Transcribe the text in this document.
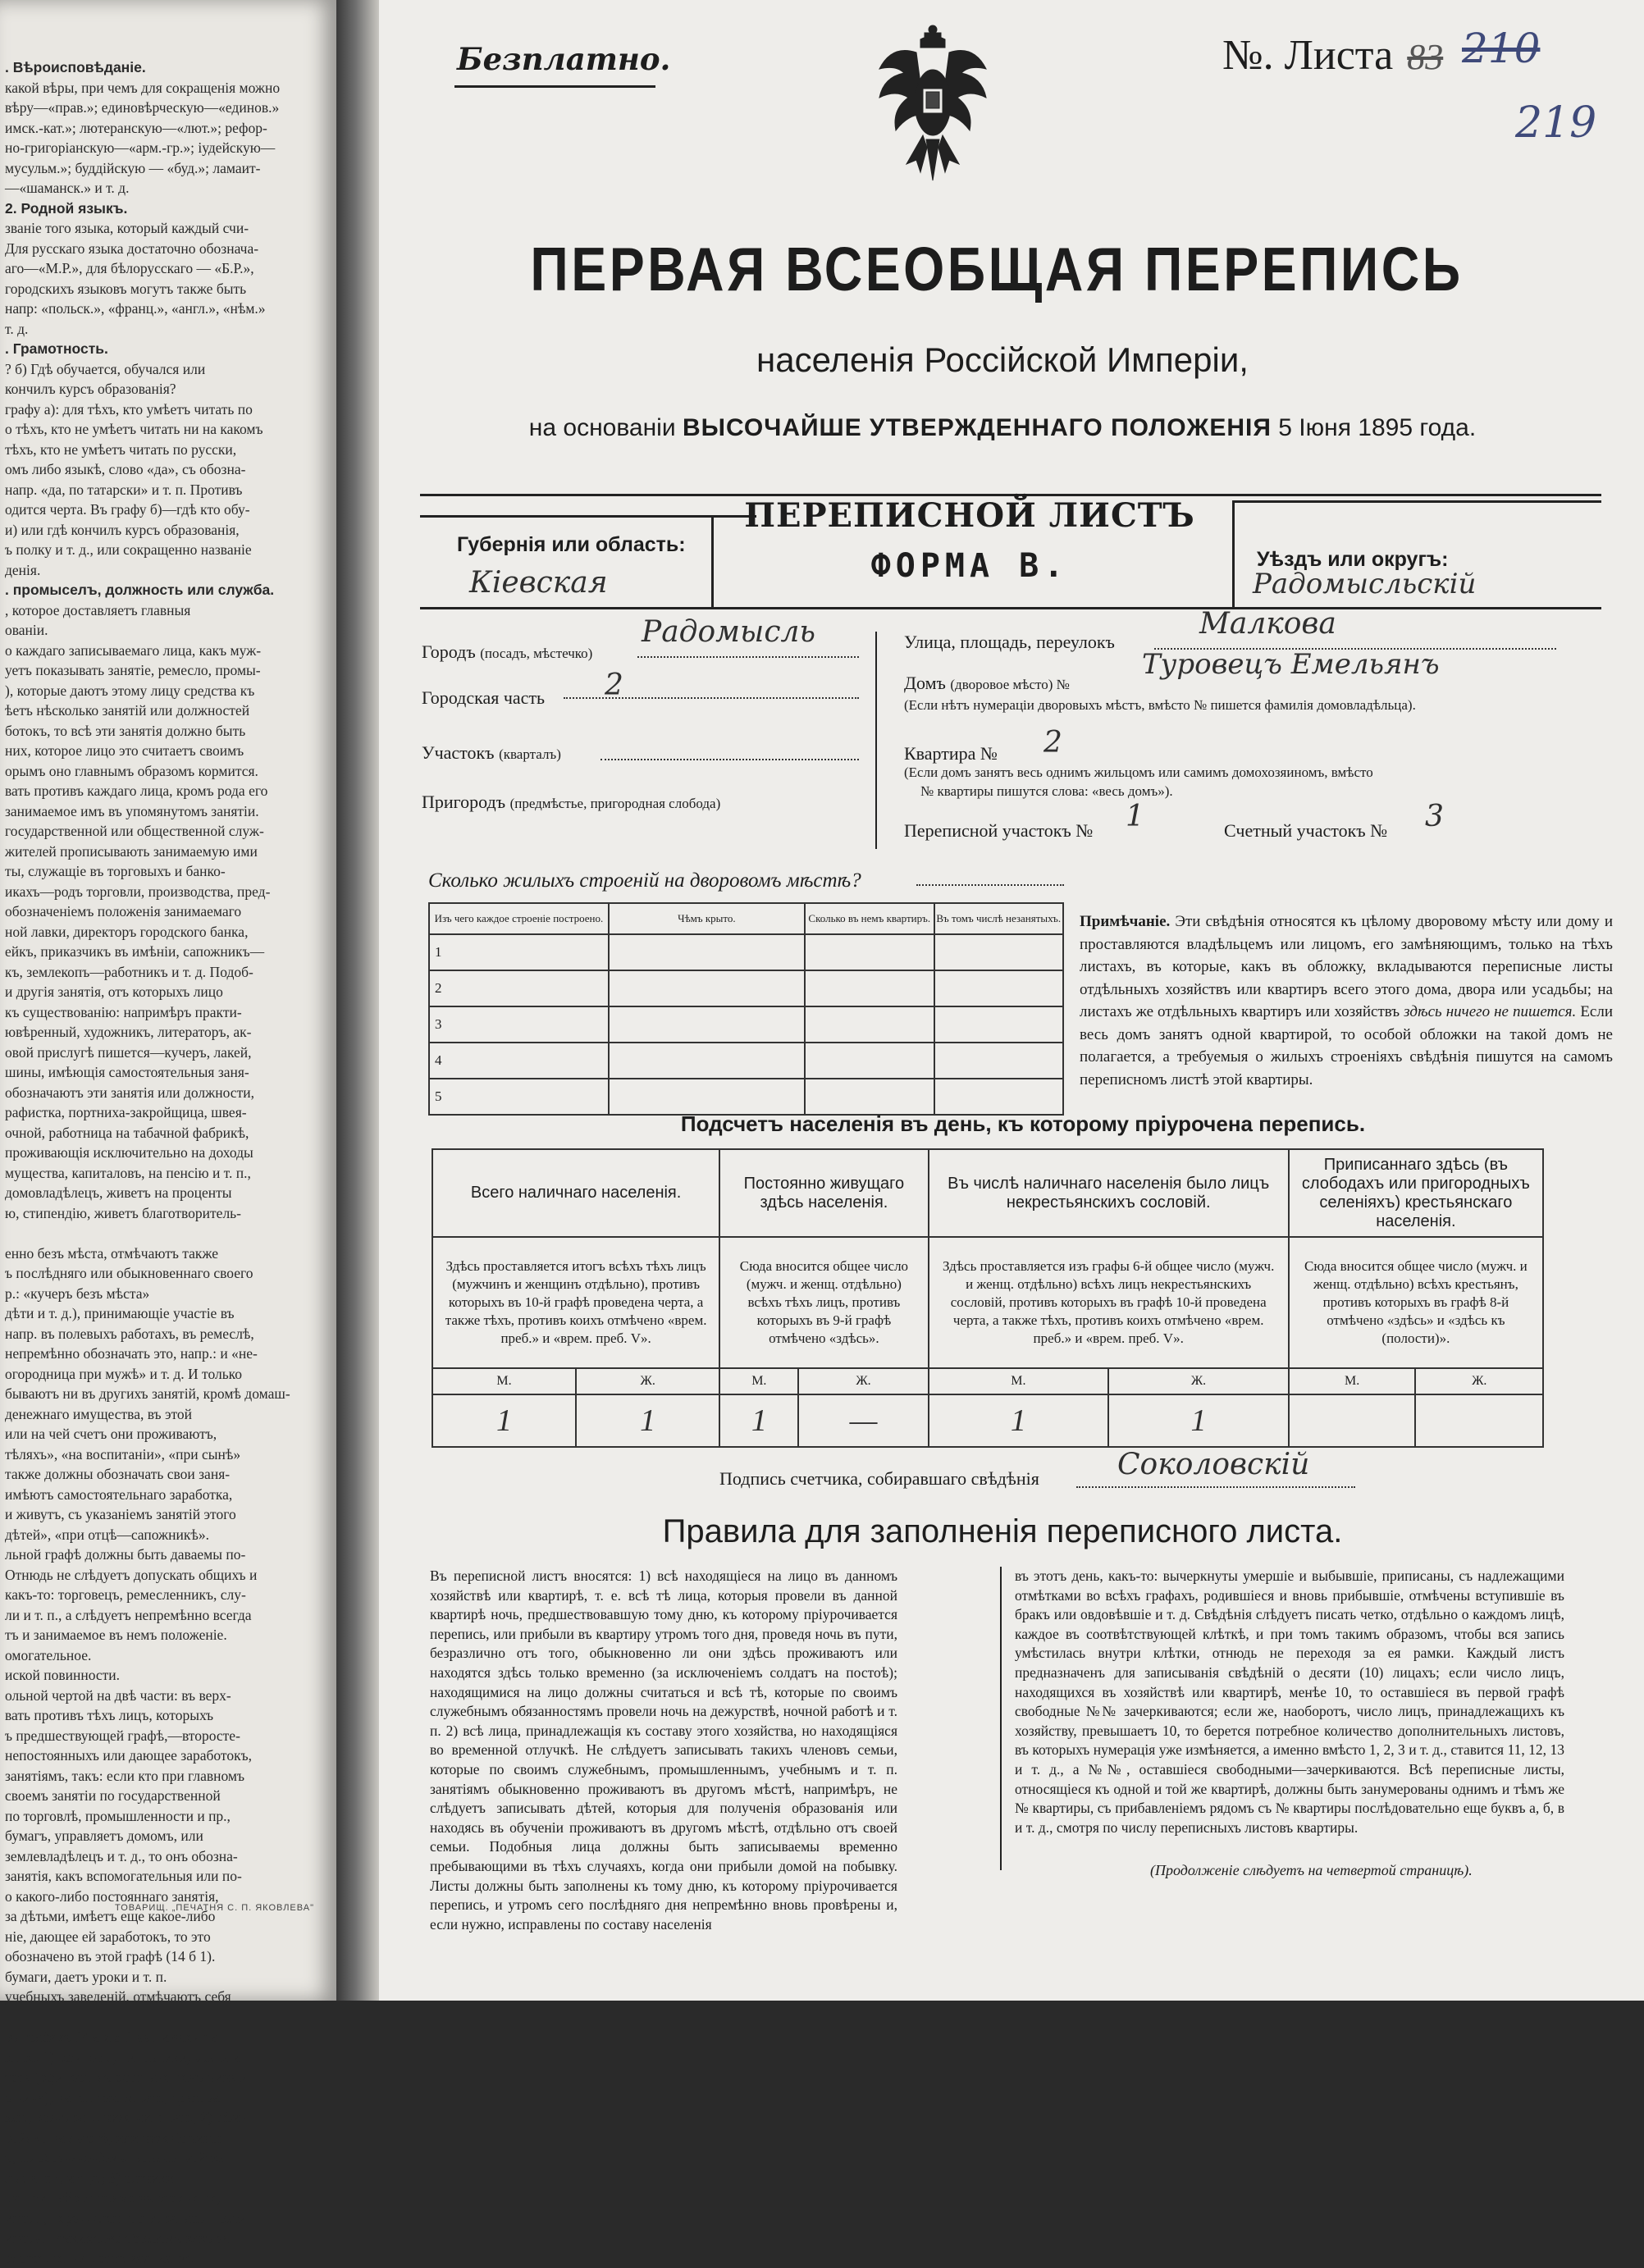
. Вѣроисповѣданіе.

какой вѣры, при чемъ для сокращенія можно

вѣру—«прав.»; единовѣрческую—«единов.»

имск.-кат.»; лютеранскую—«лют.»; рефор-

но-григоріанскую—«арм.-гр.»; іудейскую—

мусульм.»; буддійскую — «буд.»; ламаит-

—«шаманск.» и т. д.

2. Родной языкъ.

званіе того языка, который каждый счи-

Для русскаго языка достаточно обознача-

аго—«М.Р.», для бѣлорусскаго — «Б.Р.»,

городскихъ языковъ могутъ также быть

напр: «польск.», «франц.», «англ.», «нѣм.»

т. д.

. Грамотность.

? б) Гдѣ обучается, обучался или

кончилъ курсъ образованія?

графу а): для тѣхъ, кто умѣетъ читать по

о тѣхъ, кто не умѣетъ читать ни на какомъ

тѣхъ, кто не умѣетъ читать по русски,

омъ либо языкѣ, слово «да», съ обозна-

напр. «да, по татарски» и т. п. Противъ

одится черта. Въ графу б)—гдѣ кто обу-

и) или гдѣ кончилъ курсъ образованія,

ъ полку и т. д., или сокращенно названіе

денія.

. промыселъ, должность или служба.

, которое доставляетъ главныя

ованіи.

о каждаго записываемаго лица, какъ муж-

уетъ показывать занятіе, ремесло, промы-

), которые даютъ этому лицу средства къ

ѣетъ нѣсколько занятій или должностей

ботокъ, то всѣ эти занятія должно быть

них, которое лицо это считаетъ своимъ

орымъ оно главнымъ образомъ кормится.

вать противъ каждаго лица, кромъ рода его

занимаемое имъ въ упомянутомъ занятіи.

государственной или общественной служ-

жителей прописывають занимаемую ими

ты, служащіе въ торговыхъ и банко-

икахъ—родъ торговли, производства, пред-

обозначеніемъ положенія занимаемаго

ной лавки, директоръ городского банка,

ейкъ, приказчикъ въ имѣніи, сапожникъ—

къ, землекопъ—работникъ и т. д. Подоб-

и другія занятія, отъ которыхъ лицо

къ существованію: напримѣръ практи-

ювѣренный, художникъ, литераторъ, ак-

овой прислугѣ пишется—кучеръ, лакей,

шины, имѣющія самостоятельныя заня-

обозначаютъ эти занятія или должности,

рафистка, портниха-закройщица, швея-

очной, работница на табачной фабрикѣ,

проживающія исключительно на доходы

мущества, капиталовъ, на пенсію и т. п.,

домовладѣлецъ, живетъ на проценты

ю, стипендію, живетъ благотворитель-

енно безъ мѣста, отмѣчаютъ также

ъ послѣдняго или обыкновеннаго своего

р.: «кучеръ безъ мѣста»

дѣти и т. д.), принимающіе участіе въ

напр. въ полевыхъ работахъ, въ ремеслѣ,

непремѣнно обозначать это, напр.: и «не-

огородница при мужѣ» и т. д. И только

бываютъ ни въ другихъ занятій, кромѣ домаш-

денежнаго имущества, въ этой

или на чей счетъ они проживаютъ,

тѣляхъ», «на воспитаніи», «при сынѣ»

также должны обозначать свои заня-

имѣютъ самостоятельнаго заработка,

и живутъ, съ указаніемъ занятій этого

дѣтей», «при отцѣ—сапожникѣ».

льной графѣ должны быть даваемы по-

Отнюдь не слѣдуетъ допускать общихъ и

какъ-то: торговецъ, ремесленникъ, слу-

ли и т. п., а слѣдуетъ непремѣнно всегда

тъ и занимаемое въ немъ положеніе.

омогательное.

иской повинности.

ольной чертой на двѣ части: въ верх-

вать противъ тѣхъ лицъ, которыхъ

ъ предшествующей графѣ,—второсте-

непостоянныхъ или дающее заработокъ,

занятіямъ, такъ: если кто при главномъ

своемъ занятіи по государственной

по торговлѣ, промышленности и пр.,

бумагъ, управляетъ домомъ, или

землевладѣлецъ и т. д., то онъ обозна-

занятія, какъ вспомогательныя или по-

о какого-либо постояннаго занятія,

за дѣтьми, имѣетъ еще какое-либо

ніе, дающее ей заработокъ, то это

обозначено въ этой графѣ (14 б 1).

бумаги, даетъ уроки и т. п.

учебныхъ заведеній, отмѣчаютъ себя

въ графахъ 14 а и 5 1 въ нижней ча-

ются: 1) офицеры, чиновники, врачи и

тота (офицеры съ обозначеніемъ чина и

о чина), напр.: ген.-м. зап., прап. зап.

зап., врачъ зап., ниж. чинъ зап.; 2) офи-

войскъ на льготѣ, или нижніе чины

ъ, съ обозначеніемъ названія войска

льг. к. ст., и т. д.; 3) ратники

ые при наборѣ прямо въ ополченіе,

ицеры, перечисленные въ запасъ—рати.

ицеры—такимъ же образомъ какъ за-

р: отст. ген.-л., отст. кол. капит.

ТОВАРИЩ. „ПЕЧАТНЯ С. П. ЯКОВЛЕВА"
Безплатно.	№. Листа 83 210
219
ПЕРВАЯ ВСЕОБЩАЯ ПЕРЕПИСЬ
населенія Россійской Имперіи,
на основаніи ВЫСОЧАЙШЕ УТВЕРЖДЕННАГО ПОЛОЖЕНІЯ 5 Іюня 1895 года.
Губернія или область:
Кіевская
ПЕРЕПИСНОЙ ЛИСТЪ
ФОРМА В.	Уѣздъ или округъ:
Радомысльскій
Городъ (посадъ, мѣстечко)
Радомысль
Городская часть 2
Участокъ (кварталъ)
Пригородъ (предмѣстье, пригородная слобода)
Улица, площадь, переулокъ
Малкова
Домъ (дворовое мѣсто) №
Туровецъ Емельянъ
(Если нѣтъ нумераціи дворовыхъ мѣстъ, вмѣсто № пишется фамилія домовладѣльца).
Квартира № 2
(Если домъ занятъ весь однимъ жильцомъ или самимъ домохозяиномъ, вмѣсто
№ квартиры пишутся слова: «весь домъ»).
Переписной участокъ № 1	Счетный участокъ № 3
Сколько жилыхъ строеній на дворовомъ мѣстѣ?
Изъ чего каждое строеніе построено.	Чѣмъ крыто.	Сколько въ немъ квартиръ.	Въ томъ числѣ незанятыхъ.
1			
2			
3			
4			
5			
Примѣчаніе. Эти свѣдѣнія относятся къ цѣлому дворовому мѣсту или дому и проставляются владѣльцемъ или лицомъ, его замѣняющимъ, только на тѣхъ листахъ, въ которые, какъ въ обложку, вкладываются переписные листы отдѣльныхъ хозяйствъ или квартиръ всего этого дома, двора или усадьбы; на листахъ же отдѣльныхъ квартиръ или хозяйствъ здѣсь ничего не пишется. Если весь домъ занятъ одной квартирой, то особой обложки на такой домъ не полагается, а требуемыя о жилыхъ строеніяхъ свѣдѣнія пишутся на самомъ переписномъ листѣ этой квартиры.
Подсчетъ населенія въ день, къ которому пріурочена перепись.
Всего наличнаго населенія.		Постоянно живущаго здѣсь населенія.		Въ числѣ наличнаго населенія было лицъ некрестьянскихъ сословій.		Приписаннаго здѣсь (въ слободахъ или пригородныхъ селеніяхъ) крестьянскаго населенія.	
Здѣсь проставляется итогъ всѣхъ тѣхъ лицъ (мужчинъ и женщинъ отдѣльно), противъ которыхъ въ 10-й графѣ проведена черта, а также тѣхъ, противъ коихъ отмѣчено «врем. преб.» и «врем. преб. V».		Сюда вносится общее число (мужч. и женщ. отдѣльно) всѣхъ тѣхъ лицъ, противъ которыхъ въ 9-й графѣ отмѣчено «здѣсь».		Здѣсь проставляется изъ графы 6-й общее число (мужч. и женщ. отдѣльно) всѣхъ лицъ некрестьянскихъ сословій, противъ которыхъ въ графѣ 10-й проведена черта, а также тѣхъ, противъ коихъ отмѣчено «врем. преб.» и «врем. преб. V».		Сюда вносится общее число (мужч. и женщ. отдѣльно) всѣхъ крестьянъ, противъ которыхъ въ графѣ 8-й отмѣчено «здѣсь» и «здѣсь къ (полости)».	
М.	Ж.	М.	Ж.	М.	Ж.	М.	Ж.
1	1	1	—	1	1		
Подпись счетчика, собиравшаго свѣдѣнія	Соколовскій
Правила для заполненія переписного листа.
Въ переписной листъ вносятся: 1) всѣ находящіеся на лицо въ данномъ хозяйствѣ или квартирѣ, т. е. всѣ тѣ лица, которыя провели въ данной квартирѣ ночь, предшествовавшую тому дню, къ которому пріурочивается перепись, или прибыли въ квартиру утромъ того дня, проведя ночь въ пути, безразлично отъ того, обыкновенно ли они здѣсь проживаютъ или находятся здѣсь только временно (за исключеніемъ солдатъ на постоѣ); находящимися на лицо должны считаться и всѣ тѣ, которые по своимъ служебнымъ обязанностямъ провели ночь на дежурствѣ, ночной работѣ и т. п. 2) всѣ лица, принадлежащія къ составу этого хозяйства, но находящіяся во временной отлучкѣ. Не слѣдуетъ записывать такихъ членовъ семьи, которые по своимъ служебнымъ, промышленнымъ, учебнымъ и т. п. занятіямъ обыкновенно проживаютъ въ другомъ мѣстѣ, напримѣръ, не слѣдуетъ записывать дѣтей, которыя для полученія образованія или находясь въ обученіи проживаютъ въ другомъ мѣстѣ, отдѣльно отъ своей семьи. Подобныя лица должны быть записываемы временно пребывающими въ тѣхъ случаяхъ, когда они прибыли домой на побывку. Листы должны быть заполнены къ тому дню, къ которому пріурочивается перепись, и утромъ сего послѣдняго дня непремѣнно вновь провѣрены и, если нужно, исправлены по составу населенія
въ этотъ день, какъ-то: вычеркнуты умершіе и выбывшіе, приписаны, съ надлежащими отмѣтками во всѣхъ графахъ, родившіеся и вновь прибывшіе, отмѣчены вступившіе въ бракъ или овдовѣвшіе и т. д. Свѣдѣнія слѣдуетъ писать четко, отдѣльно о каждомъ лицѣ, каждое въ соотвѣтствующей клѣткѣ, и при томъ такимъ образомъ, чтобы вся запись умѣстилась внутри клѣтки, отнюдь не переходя за ея рамки. Каждый листъ предназначенъ для записыванія свѣдѣній о десяти (10) лицахъ; если число лицъ, находящихся въ хозяйствѣ или квартирѣ, менѣе 10, то оставшіеся въ первой графѣ свободные №№ зачеркиваются; если же, наоборотъ, число лицъ, принадлежащихъ къ хозяйству, превышаетъ 10, то берется потребное количество дополнительныхъ листовъ, въ которыхъ нумерація уже измѣняется, а именно вмѣсто 1, 2, 3 и т. д., ставится 11, 12, 13 и т. д., а №№, оставшіеся свободными—зачеркиваются. Всѣ переписные листы, относящіеся къ одной и той же квартирѣ, должны быть занумерованы однимъ и тѣмъ же № квартиры, съ прибавленіемъ рядомъ съ № квартиры послѣдовательно еще буквъ а, б, в и т. д., смотря по числу переписныхъ листовъ квартиры.
(Продолженіе слѣдуетъ на четвертой страницѣ).
